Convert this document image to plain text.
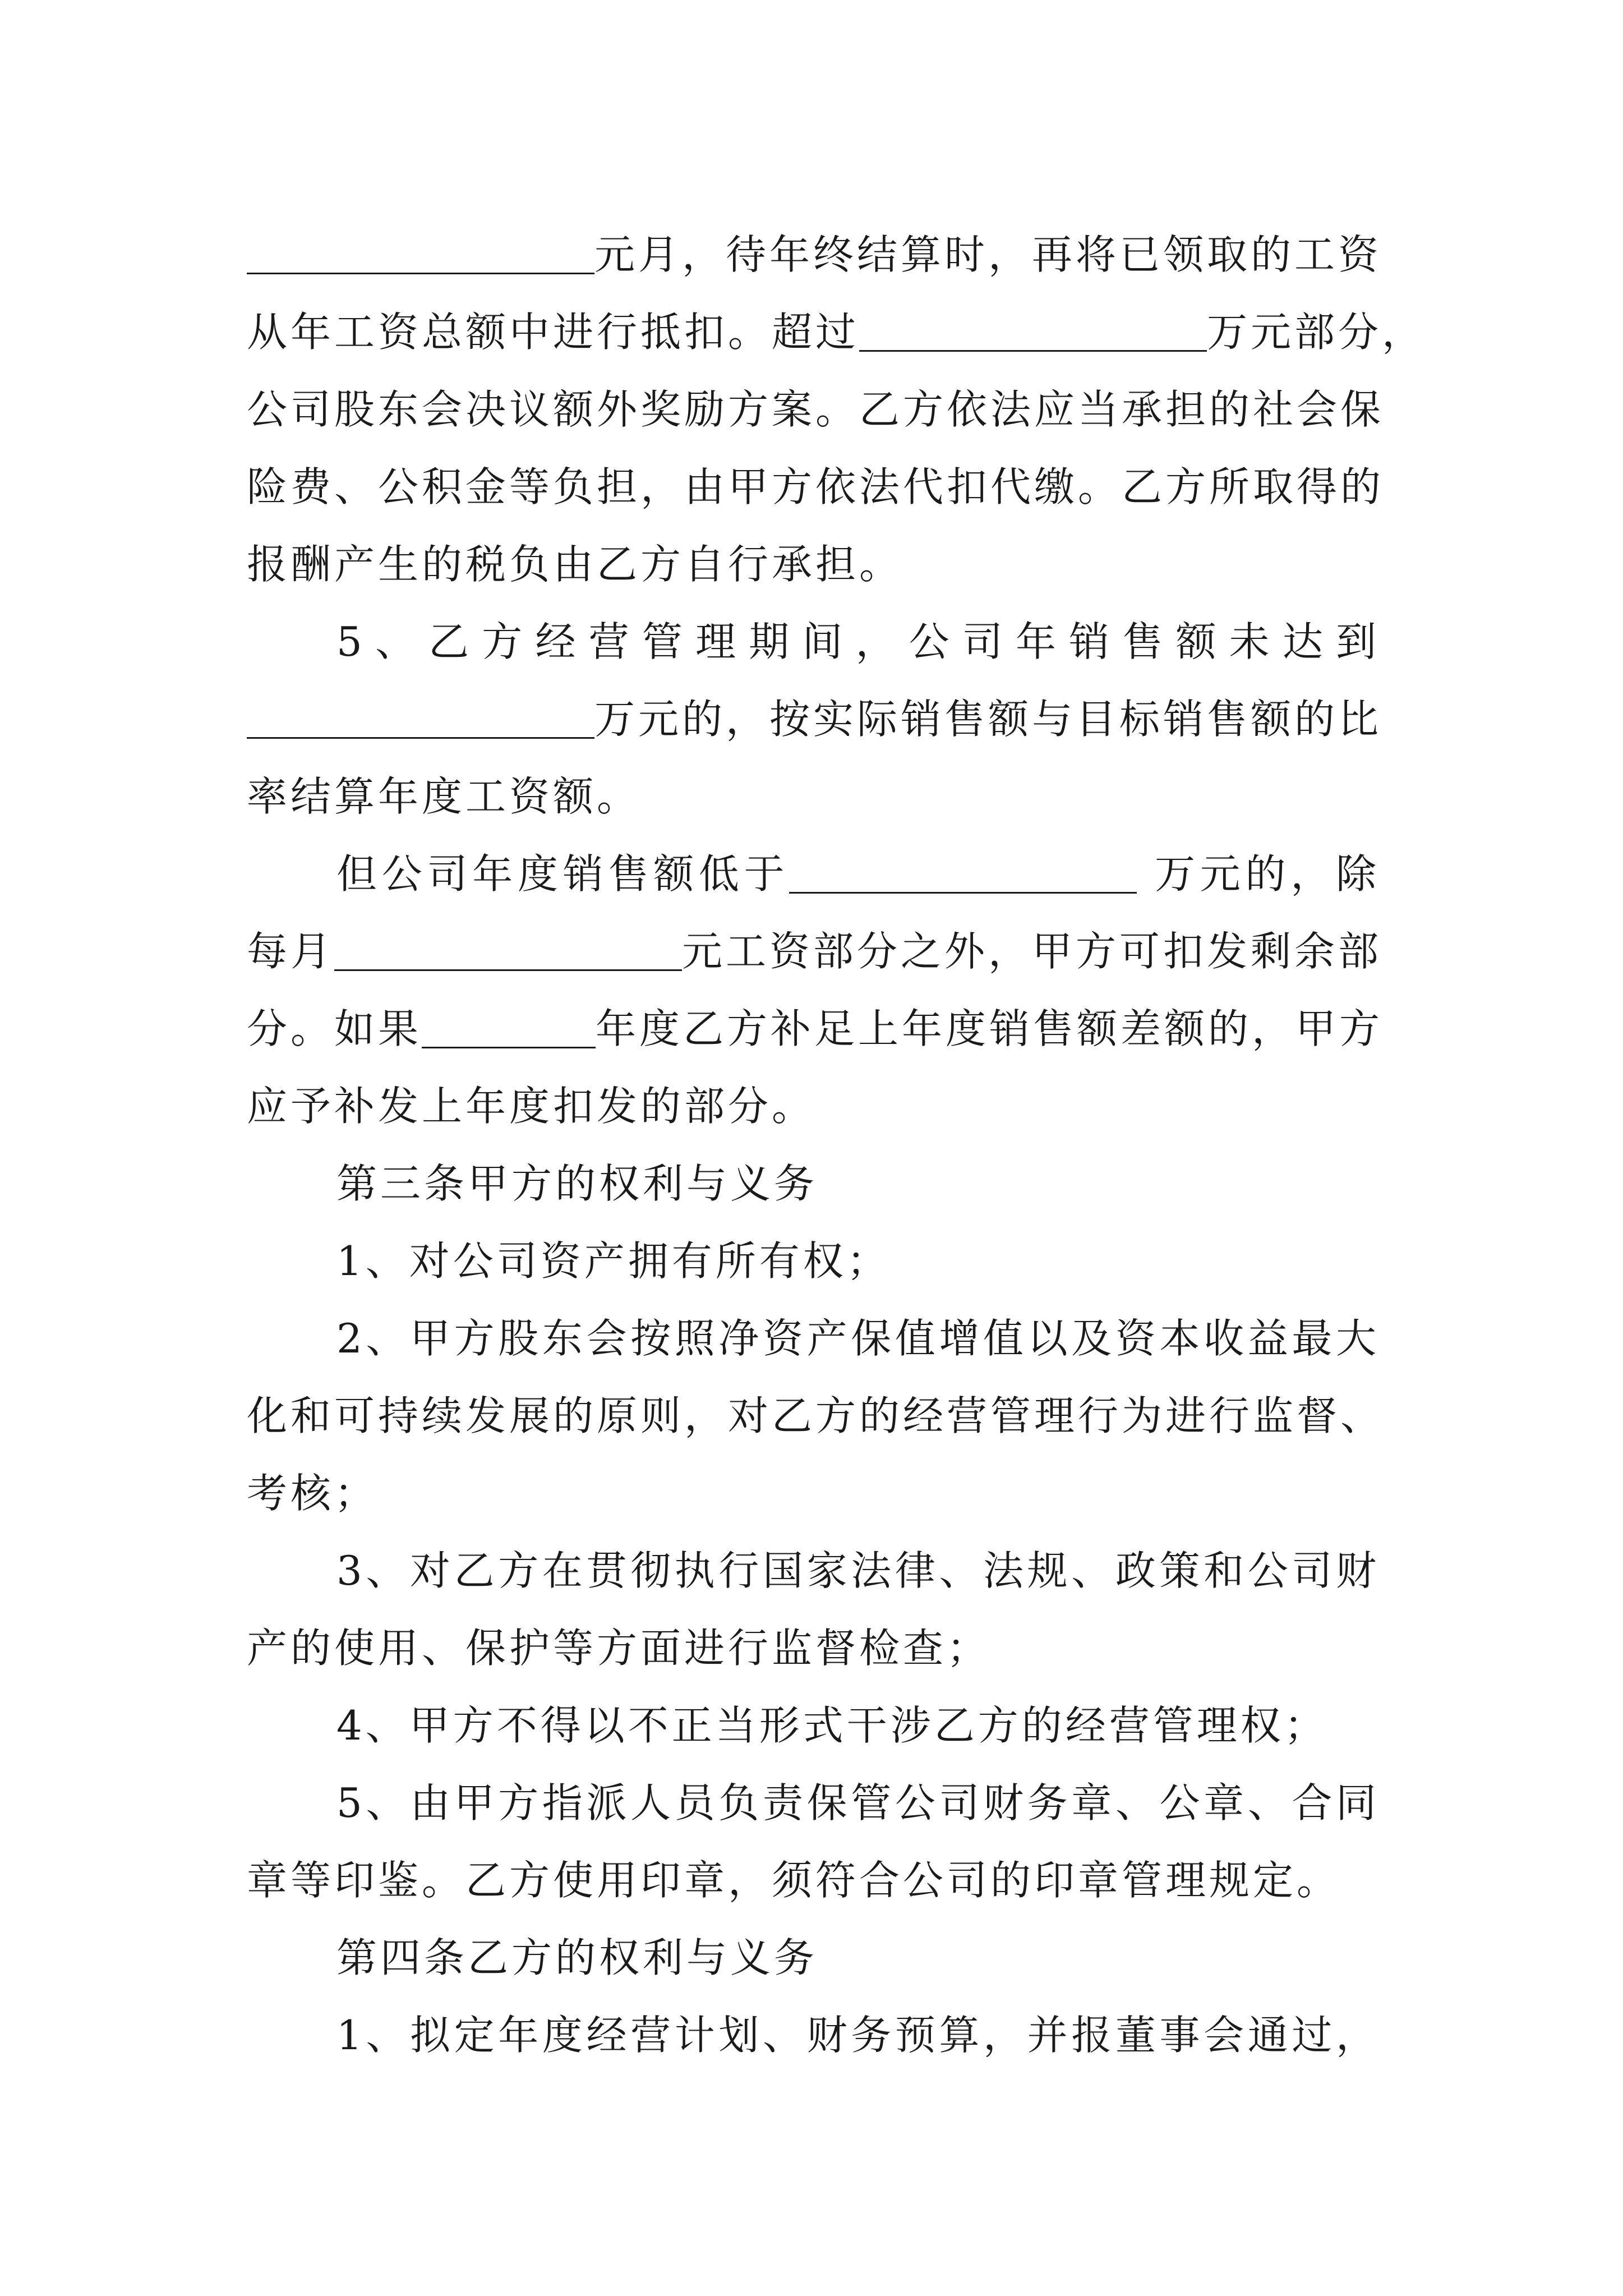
元月，待年终结算时，再将已领取的工资
从年工资总额中进行抵扣。超过	万元部分，
公司股东会决议额外奖励方案。乙方依法应当承担的社会保
险费、公积金等负担，由甲方依法代扣代缴。乙方所取得的
报酬产生的税负由乙方自行承担。
5、乙方经营管理期间，公司年销售额未达到
万元的，按实际销售额与目标销售额的比
率结算年度工资额。
但公司年度销售额低于	万元的，除
每月	元工资部分之外，甲方可扣发剩余部
分。如果	年度乙方补足上年度销售额差额的，甲方
应予补发上年度扣发的部分。
第三条甲方的权利与义务
1、对公司资产拥有所有权；
2、甲方股东会按照净资产保值增值以及资本收益最大
化和可持续发展的原则，对乙方的经营管理行为进行监督、
考核；
3、对乙方在贯彻执行国家法律、法规、政策和公司财
产的使用、保护等方面进行监督检查；
4、甲方不得以不正当形式干涉乙方的经营管理权；
5、由甲方指派人员负责保管公司财务章、公章、合同
章等印鉴。乙方使用印章，须符合公司的印章管理规定。
第四条乙方的权利与义务
1、拟定年度经营计划、财务预算，并报董事会通过，
